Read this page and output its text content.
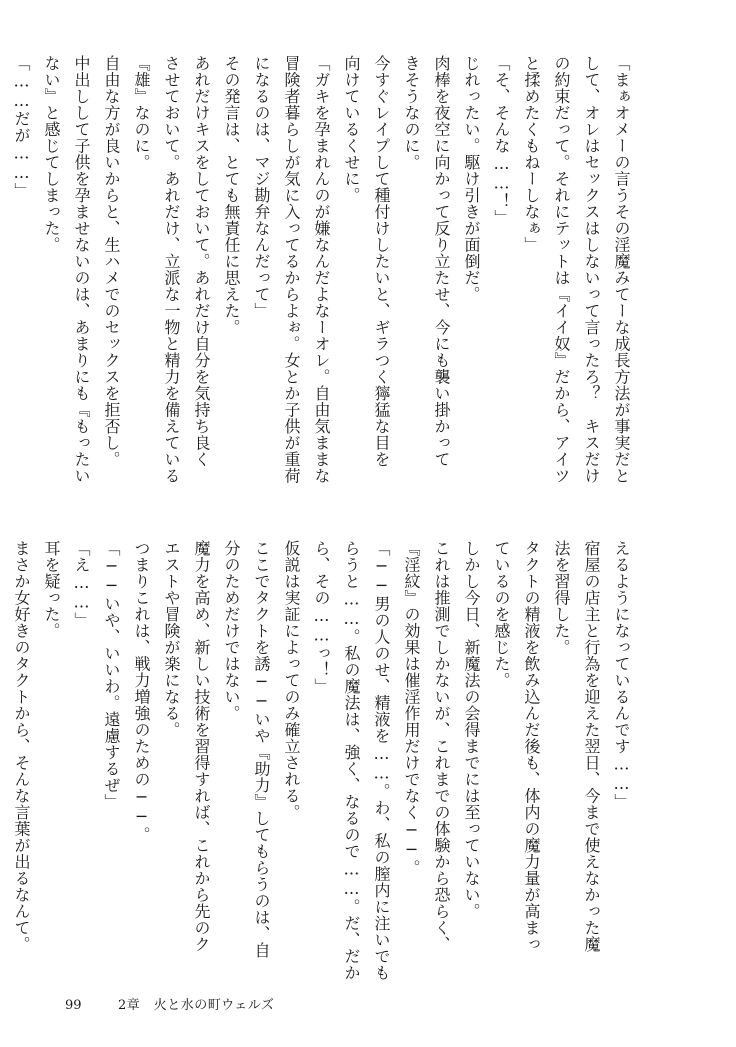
「まぁオメーの言うその淫魔みてーな成長方法が事実だと
して、オレはセックスはしないって言ったろ？　キスだけ
の約束だって。それにテットは『イイ奴』だから、アイツ
と揉めたくもねーしなぁ」
「そ、そんな……！」
じれったい。駆け引きが面倒だ。
肉棒を夜空に向かって反り立たせ、今にも襲い掛かって
きそうなのに。
今すぐレイプして種付けしたいと、ギラつく獰猛な目を
向けているくせに。
「ガキを孕まれんのが嫌なんだよなーオレ。自由気ままな
冒険者暮らしが気に入ってるからよぉ。女とか子供が重荷
になるのは、マジ勘弁なんだって」
その発言は、とても無責任に思えた。
あれだけキスをしておいて。あれだけ自分を気持ち良く
させておいて。あれだけ、立派な一物と精力を備えている
『雄』なのに。
自由な方が良いからと、生ハメでのセックスを拒否し。
中出しして子供を孕ませないのは、あまりにも『もったい
ない』と感じてしまった。
「……だが……」
えるようになっているんです……」
宿屋の店主と行為を迎えた翌日、今まで使えなかった魔
法を習得した。
タクトの精液を飲み込んだ後も、体内の魔力量が高まっ
ているのを感じた。
しかし今日、新魔法の会得までには至っていない。
これは推測でしかないが、これまでの体験から恐らく、
『淫紋』の効果は催淫作用だけでなく──。
「──男の人のせ、精液を……。わ、私の膣内に注いでも
らうと……。私の魔法は、強く、なるので……。だ、だか
ら、その……っ！」
仮説は実証によってのみ確立される。
ここでタクトを誘──いや『助力』してもらうのは、自
分のためだけではない。
魔力を高め、新しい技術を習得すれば、これから先のク
エストや冒険が楽になる。
つまりこれは、戦力増強のための──。
「──いや、いいわ。遠慮するぜ」
「え……」
耳を疑った。
まさか女好きのタクトから、そんな言葉が出るなんて。
99	2章　火と水の町ウェルズ
